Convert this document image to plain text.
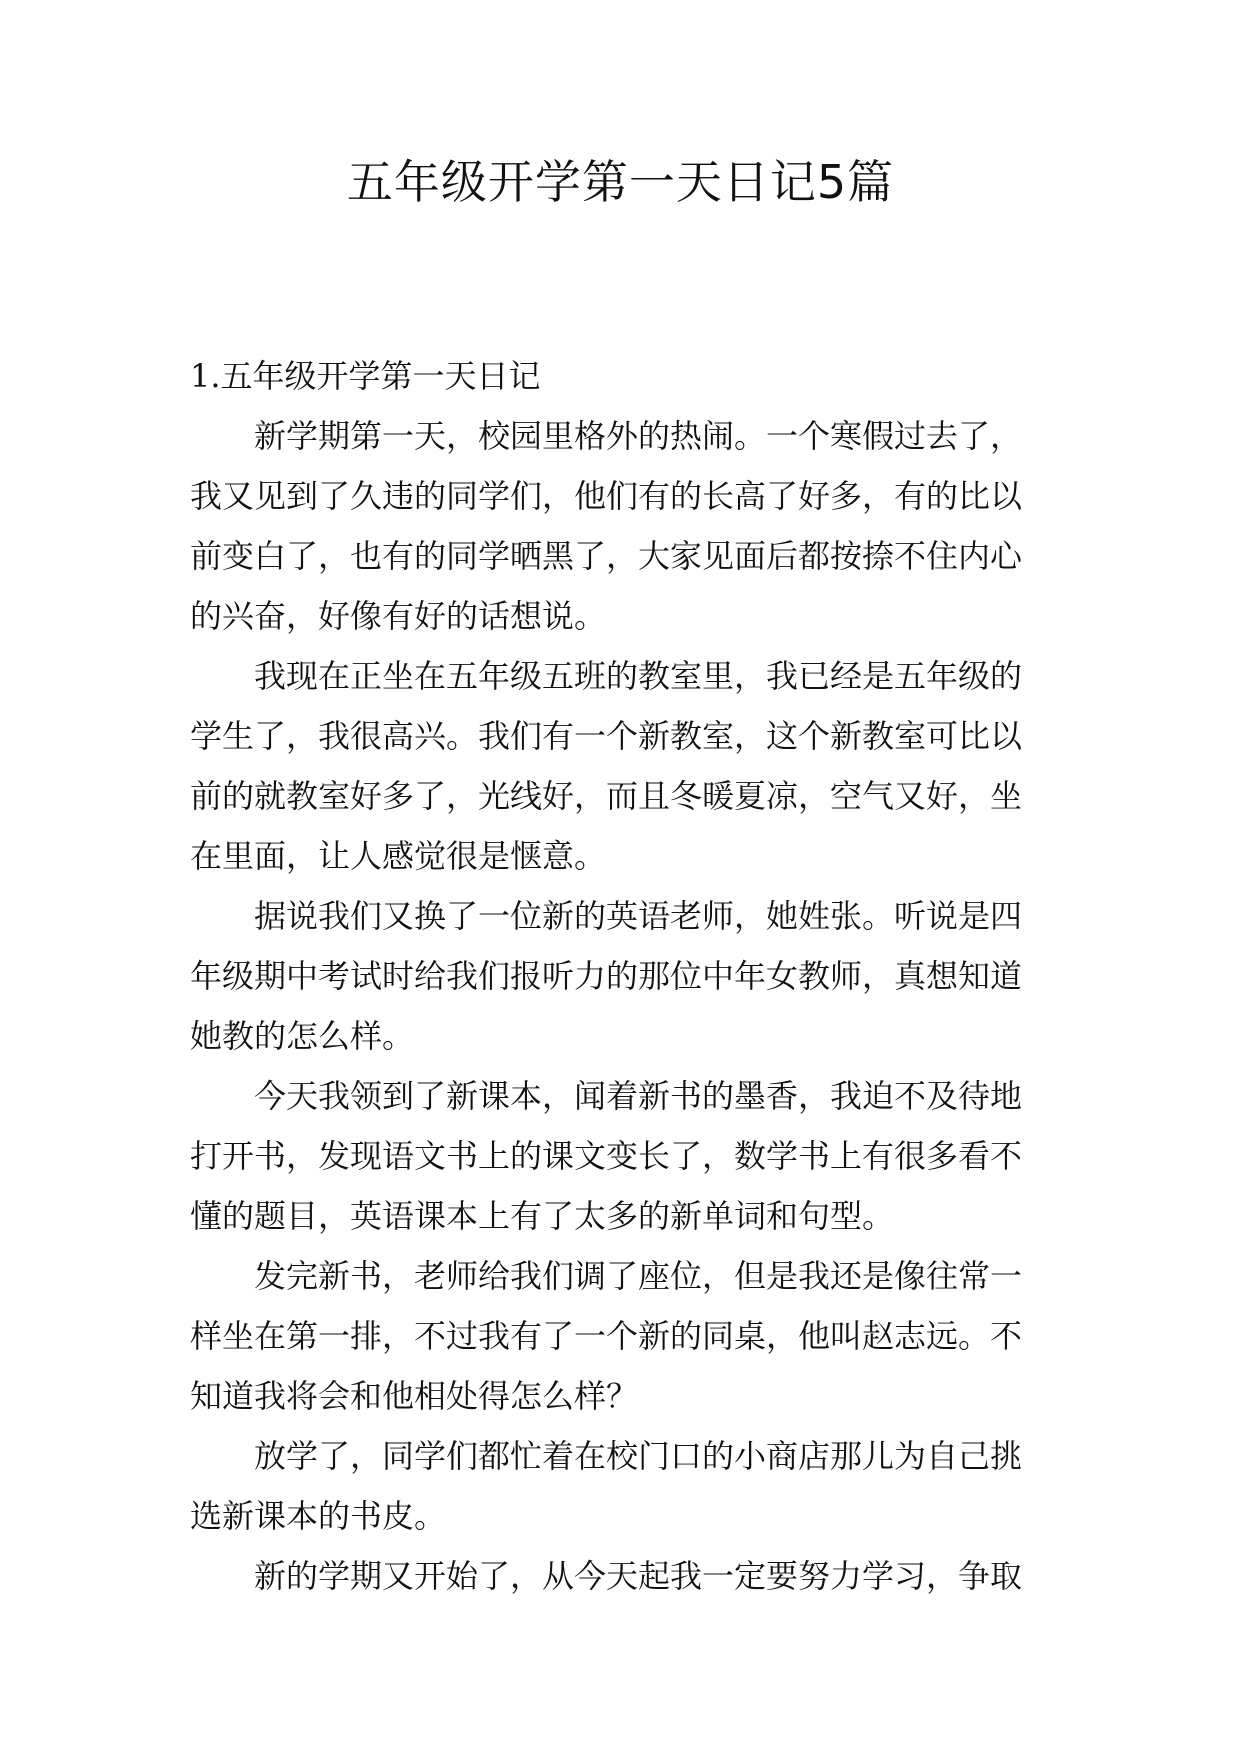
五年级开学第一天日记5篇
1.五年级开学第一天日记
新学期第一天，校园里格外的热闹。一个寒假过去了，
我又见到了久违的同学们，他们有的长高了好多，有的比以
前变白了，也有的同学晒黑了，大家见面后都按捺不住内心
的兴奋，好像有好的话想说。
我现在正坐在五年级五班的教室里，我已经是五年级的
学生了，我很高兴。我们有一个新教室，这个新教室可比以
前的就教室好多了，光线好，而且冬暖夏凉，空气又好，坐
在里面，让人感觉很是惬意。
据说我们又换了一位新的英语老师，她姓张。听说是四
年级期中考试时给我们报听力的那位中年女教师，真想知道
她教的怎么样。
今天我领到了新课本，闻着新书的墨香，我迫不及待地
打开书，发现语文书上的课文变长了，数学书上有很多看不
懂的题目，英语课本上有了太多的新单词和句型。
发完新书，老师给我们调了座位，但是我还是像往常一
样坐在第一排，不过我有了一个新的同桌，他叫赵志远。不
知道我将会和他相处得怎么样？
放学了，同学们都忙着在校门口的小商店那儿为自己挑
选新课本的书皮。
新的学期又开始了，从今天起我一定要努力学习，争取
